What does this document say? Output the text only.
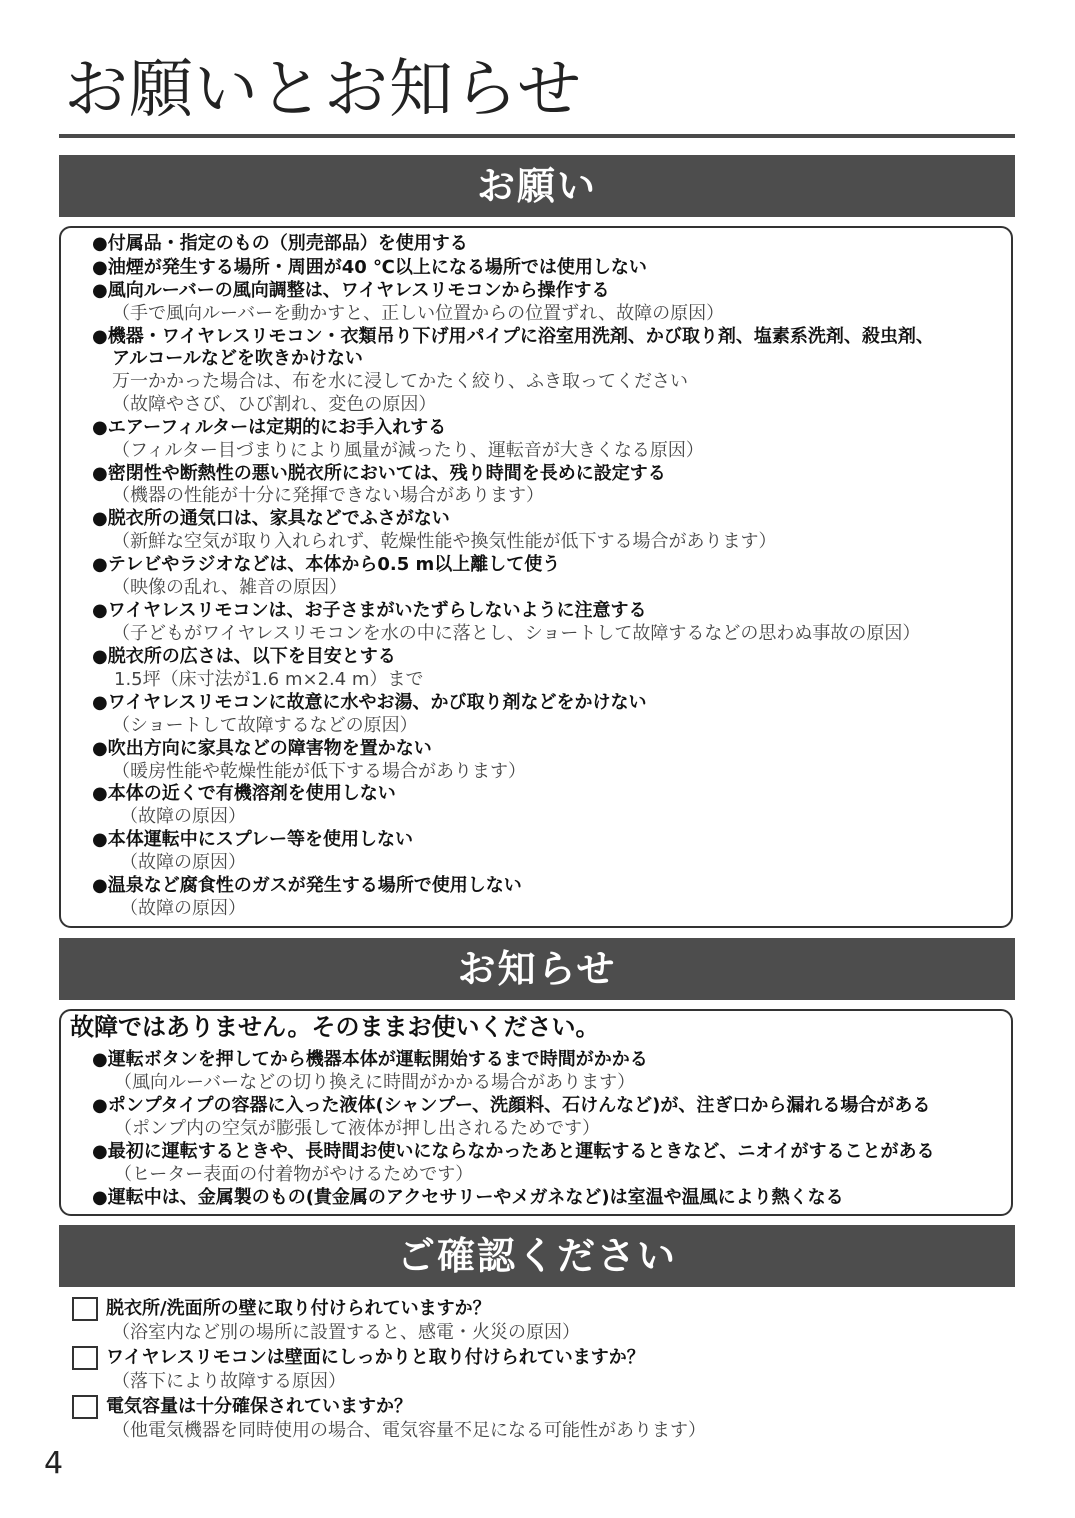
お願いとお知らせ
お願い
●付属品・指定のもの（別売部品）を使用する
●油煙が発生する場所・周囲が40 ℃以上になる場所では使用しない
●風向ルーバーの風向調整は、ワイヤレスリモコンから操作する
（手で風向ルーバーを動かすと、正しい位置からの位置ずれ、故障の原因）
●機器・ワイヤレスリモコン・衣類吊り下げ用パイプに浴室用洗剤、かび取り剤、塩素系洗剤、殺虫剤、
アルコールなどを吹きかけない
万一かかった場合は、布を水に浸してかたく絞り、ふき取ってください
（故障やさび、ひび割れ、変色の原因）
●エアーフィルターは定期的にお手入れする
（フィルター目づまりにより風量が減ったり、運転音が大きくなる原因）
●密閉性や断熱性の悪い脱衣所においては、残り時間を長めに設定する
（機器の性能が十分に発揮できない場合があります）
●脱衣所の通気口は、家具などでふさがない
（新鮮な空気が取り入れられず、乾燥性能や換気性能が低下する場合があります）
●テレビやラジオなどは、本体から0.5 m以上離して使う
（映像の乱れ、雑音の原因）
●ワイヤレスリモコンは、お子さまがいたずらしないように注意する
（子どもがワイヤレスリモコンを水の中に落とし、ショートして故障するなどの思わぬ事故の原因）
●脱衣所の広さは、以下を目安とする
1.5坪（床寸法が1.6 m×2.4 m）まで
●ワイヤレスリモコンに故意に水やお湯、かび取り剤などをかけない
（ショートして故障するなどの原因）
●吹出方向に家具などの障害物を置かない
（暖房性能や乾燥性能が低下する場合があります）
●本体の近くで有機溶剤を使用しない
（故障の原因）
●本体運転中にスプレー等を使用しない
（故障の原因）
●温泉など腐食性のガスが発生する場所で使用しない
（故障の原因）
お知らせ
故障ではありません。そのままお使いください。
●運転ボタンを押してから機器本体が運転開始するまで時間がかかる
（風向ルーバーなどの切り換えに時間がかかる場合があります）
●ポンプタイプの容器に入った液体(シャンプー、洗顔料、石けんなど)が、注ぎ口から漏れる場合がある
（ポンプ内の空気が膨張して液体が押し出されるためです）
●最初に運転するときや、長時間お使いにならなかったあと運転するときなど、ニオイがすることがある
（ヒーター表面の付着物がやけるためです）
●運転中は、金属製のもの(貴金属のアクセサリーやメガネなど)は室温や温風により熱くなる
ご確認ください
脱衣所/洗面所の壁に取り付けられていますか？
（浴室内など別の場所に設置すると、感電・火災の原因）
ワイヤレスリモコンは壁面にしっかりと取り付けられていますか？
（落下により故障する原因）
電気容量は十分確保されていますか？
（他電気機器を同時使用の場合、電気容量不足になる可能性があります）
4
